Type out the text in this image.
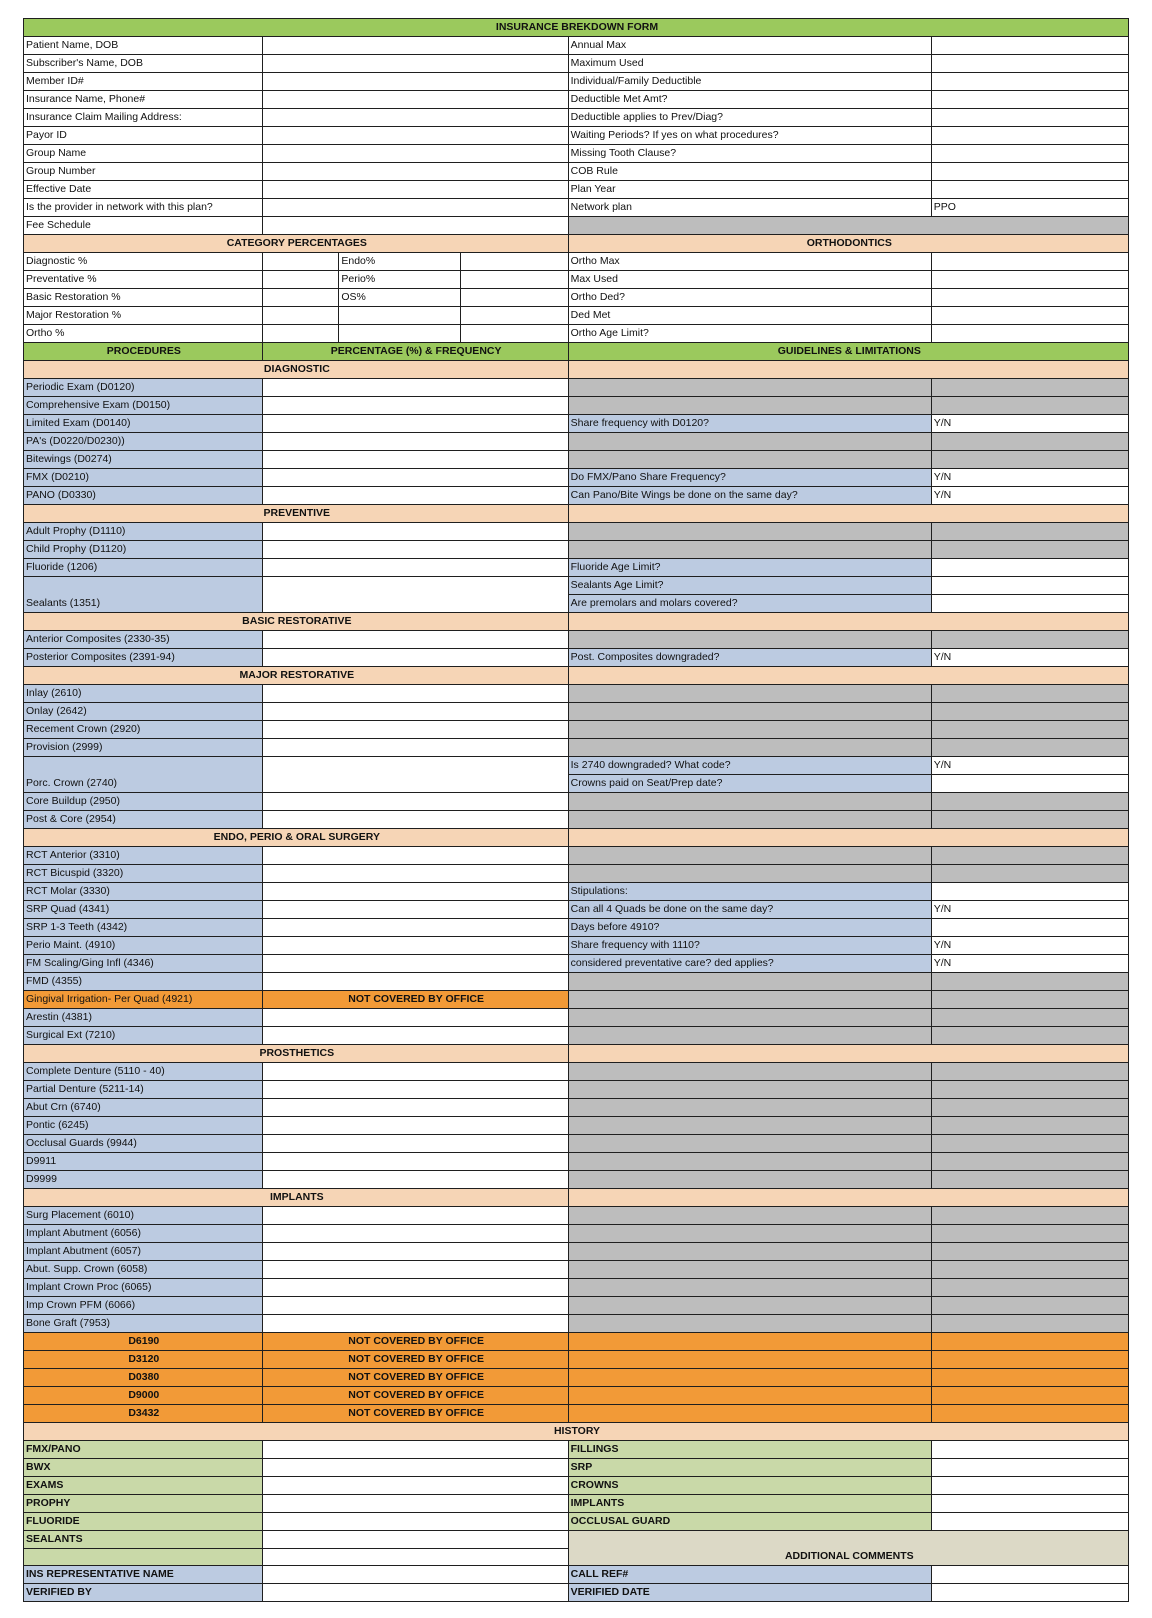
INSURANCE BREKDOWN FORM					
Patient Name, DOB				Annual Max	
Subscriber's Name, DOB				Maximum Used	
Member ID#				Individual/Family Deductible	
Insurance Name, Phone#				Deductible Met Amt?	
Insurance Claim Mailing Address:				Deductible applies to Prev/Diag?	
Payor ID				Waiting Periods? If yes on what procedures?	
Group Name				Missing Tooth Clause?	
Group Number				COB Rule	
Effective Date				Plan Year	
Is the provider in network with this plan?				Network plan	PPO
Fee Schedule					
CATEGORY PERCENTAGES				ORTHODONTICS	
Diagnostic %		Endo%		Ortho Max	
Preventative %		Perio%		Max Used	
Basic Restoration %		OS%		Ortho Ded?	
Major Restoration %				Ded Met	
Ortho %				Ortho Age Limit?	
PROCEDURES	PERCENTAGE (%) & FREQUENCY			GUIDELINES & LIMITATIONS	
DIAGNOSTIC					
Periodic Exam (D0120)					
Comprehensive Exam (D0150)					
Limited Exam (D0140)				Share frequency with D0120?	Y/N
PA's (D0220/D0230))					
Bitewings (D0274)					
FMX (D0210)				Do FMX/Pano Share Frequency?	Y/N
PANO (D0330)				Can Pano/Bite Wings be done on the same day?	Y/N
PREVENTIVE					
Adult Prophy (D1110)					
Child Prophy (D1120)					
Fluoride (1206)				Fluoride Age Limit?	
Sealants (1351)				Sealants Age Limit?	
				Are premolars and molars covered?	
BASIC RESTORATIVE					
Anterior Composites (2330-35)					
Posterior Composites (2391-94)				Post. Composites downgraded?	Y/N
MAJOR RESTORATIVE					
Inlay (2610)					
Onlay (2642)					
Recement Crown (2920)					
Provision (2999)					
Porc. Crown (2740)				Is 2740 downgraded? What code?	Y/N
				Crowns paid on Seat/Prep date?	
Core Buildup (2950)					
Post & Core (2954)					
ENDO, PERIO & ORAL SURGERY					
RCT Anterior (3310)					
RCT Bicuspid (3320)					
RCT Molar (3330)				Stipulations:	
SRP Quad (4341)				Can all 4 Quads be done on the same day?	Y/N
SRP 1-3 Teeth (4342)				Days before 4910?	
Perio Maint. (4910)				Share frequency with 1110?	Y/N
FM Scaling/Ging Infl (4346)				considered preventative care? ded applies?	Y/N
FMD (4355)					
Gingival Irrigation- Per Quad (4921)	NOT COVERED BY OFFICE				
Arestin (4381)					
Surgical Ext (7210)					
PROSTHETICS					
Complete Denture (5110 - 40)					
Partial Denture (5211-14)					
Abut Crn (6740)					
Pontic (6245)					
Occlusal Guards (9944)					
D9911					
D9999					
IMPLANTS					
Surg Placement (6010)					
Implant Abutment (6056)					
Implant Abutment (6057)					
Abut. Supp. Crown (6058)					
Implant Crown Proc (6065)					
Imp Crown PFM (6066)					
Bone Graft (7953)					
D6190	NOT COVERED BY OFFICE				
D3120	NOT COVERED BY OFFICE				
D0380	NOT COVERED BY OFFICE				
D9000	NOT COVERED BY OFFICE				
D3432	NOT COVERED BY OFFICE				
HISTORY					
FMX/PANO				FILLINGS	
BWX				SRP	
EXAMS				CROWNS	
PROPHY				IMPLANTS	
FLUORIDE				OCCLUSAL GUARD	
SEALANTS				ADDITIONAL COMMENTS	

INS REPRESENTATIVE NAME				CALL REF#	
VERIFIED BY				VERIFIED DATE	
